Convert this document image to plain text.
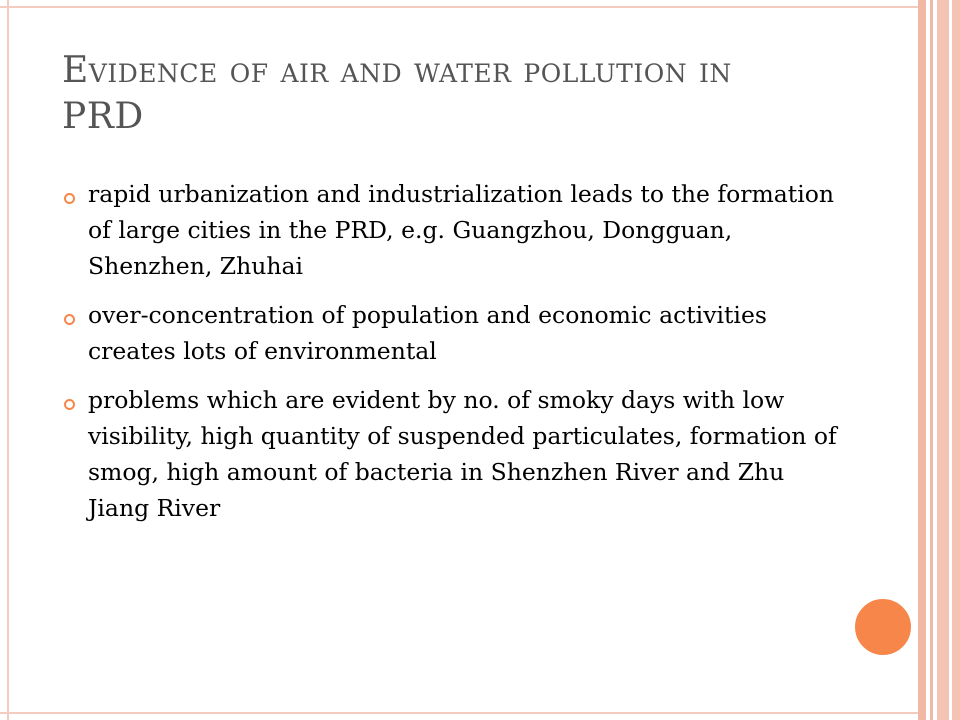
Evidence of air and water pollution in PRD
rapid urbanization and industrialization leads to the formation of large cities in the PRD, e.g. Guangzhou, Dongguan, Shenzhen, Zhuhai
over-concentration of population and economic activities creates lots of environmental
problems which are evident by no. of smoky days with low visibility, high quantity of suspended particulates, formation of smog, high amount of bacteria in Shenzhen River and Zhu Jiang River
